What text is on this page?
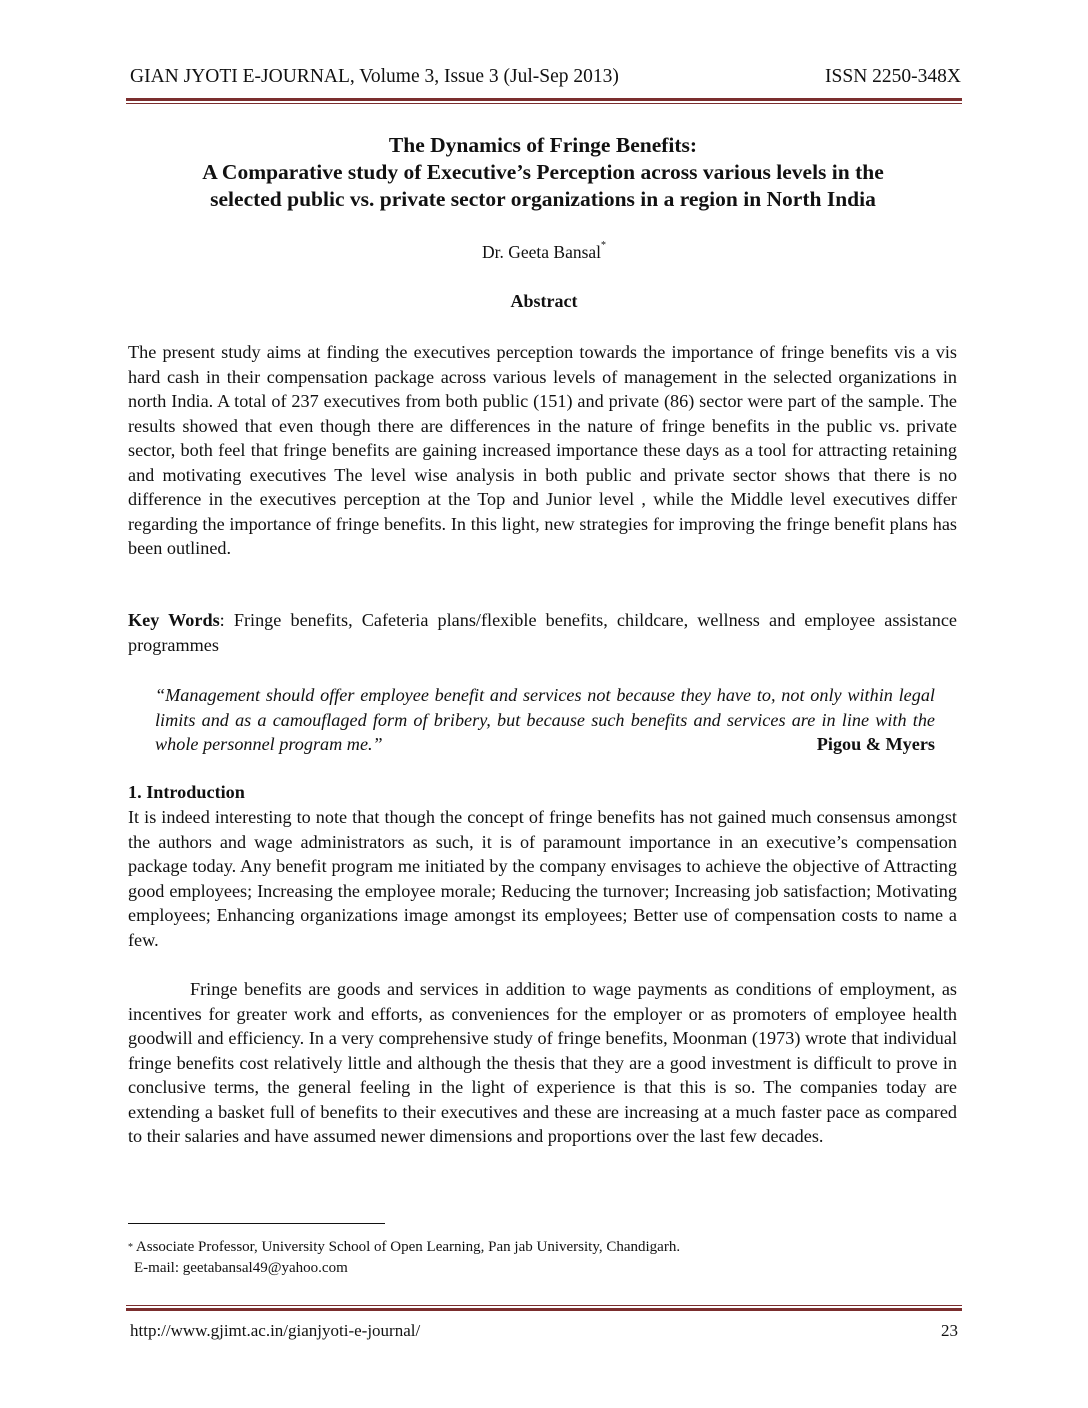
GIAN JYOTI E-JOURNAL, Volume 3, Issue 3 (Jul-Sep 2013)	ISSN 2250-348X
The Dynamics of Fringe Benefits:
A Comparative study of Executive’s Perception across various levels in the
selected public vs. private sector organizations in a region in North India
Dr. Geeta Bansal*
Abstract

The present study aims at finding the executives perception towards the importance of fringe benefits vis a vis hard cash in their compensation package across various levels of management in the selected organizations in north India. A total of 237 executives from both public (151) and private (86) sector were part of the sample. The results showed that even though there are differences in the nature of fringe benefits in the public vs. private sector, both feel that fringe benefits are gaining increased importance these days as a tool for attracting retaining and motivating executives The level wise analysis in both public and private sector shows that there is no difference in the executives perception at the Top and Junior level , while the Middle level executives differ regarding the importance of fringe benefits. In this light, new strategies for improving the fringe benefit plans has been outlined.

Key Words: Fringe benefits, Cafeteria plans/flexible benefits, childcare, wellness and employee assistance programmes

“Management should offer employee benefit and services not because they have to, not only within legal limits and as a camouflaged form of bribery, but because such benefits and services are in line with the whole personnel program me.”	Pigou & Myers

1. Introduction

It is indeed interesting to note that though the concept of fringe benefits has not gained much consensus amongst the authors and wage administrators as such, it is of paramount importance in an executive’s compensation package today. Any benefit program me initiated by the company envisages to achieve the objective of Attracting good employees; Increasing the employee morale; Reducing the turnover; Increasing job satisfaction; Motivating employees; Enhancing organizations image amongst its employees; Better use of compensation costs to name a few.

Fringe benefits are goods and services in addition to wage payments as conditions of employment, as incentives for greater work and efforts, as conveniences for the employer or as promoters of employee health goodwill and efficiency. In a very comprehensive study of fringe benefits, Moonman (1973) wrote that individual fringe benefits cost relatively little and although the thesis that they are a good investment is difficult to prove in conclusive terms, the general feeling in the light of experience is that this is so. The companies today are extending a basket full of benefits to their executives and these are increasing at a much faster pace as compared to their salaries and have assumed newer dimensions and proportions over the last few decades.

* Associate Professor, University School of Open Learning, Pan jab University, Chandigarh.
E-mail: geetabansal49@yahoo.com
http://www.gjimt.ac.in/gianjyoti-e-journal/	23
